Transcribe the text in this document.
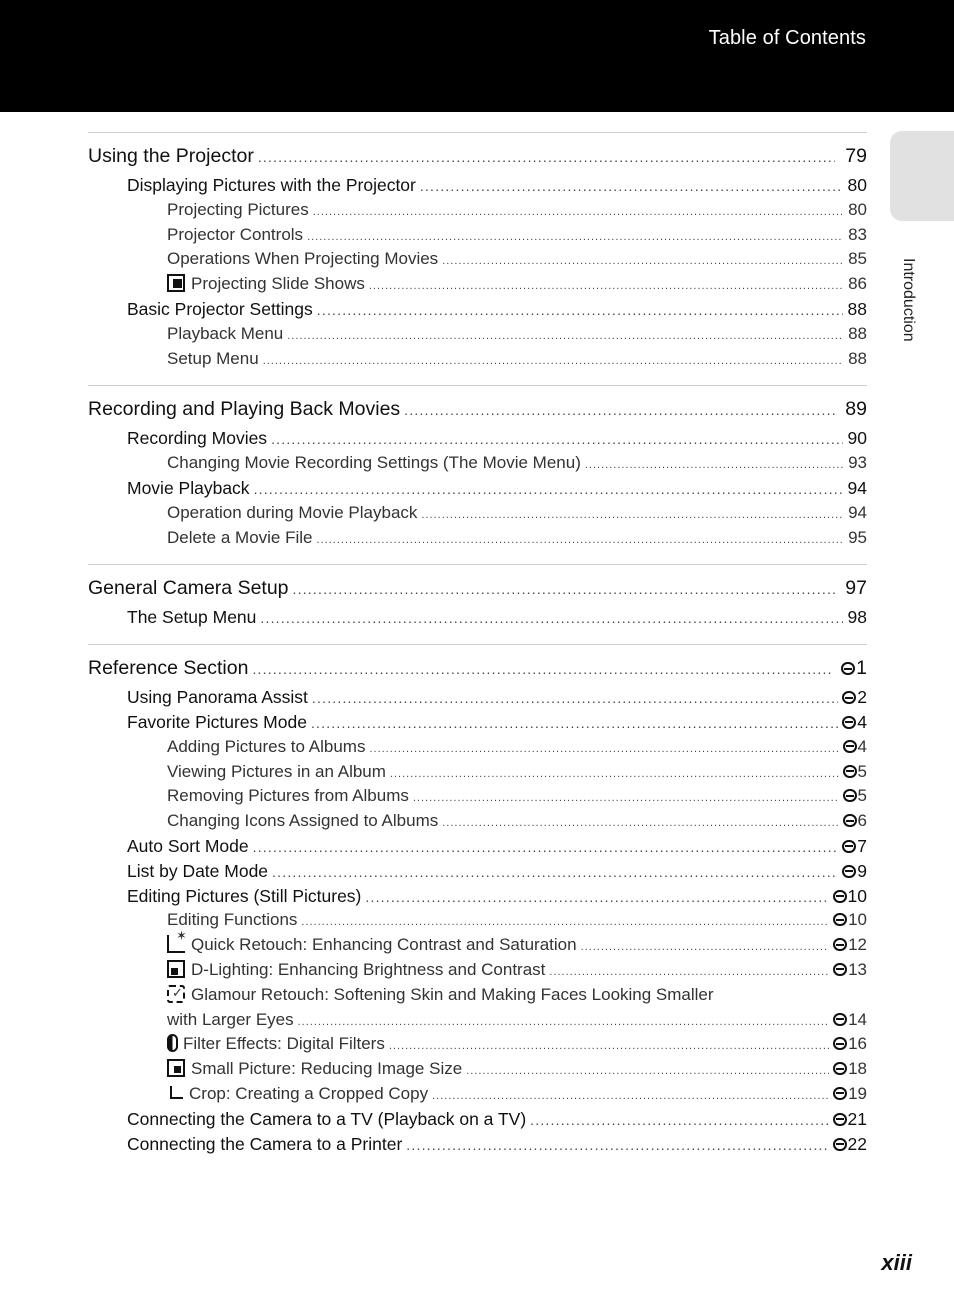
Table of Contents
Introduction
Using the Projector .....	79
Displaying Pictures with the Projector .....	80
Projecting Pictures .....	80
Projector Controls .....	83
Operations When Projecting Movies .....	85
Projecting Slide Shows .....	86
Basic Projector Settings .....	88
Playback Menu .....	88
Setup Menu .....	88
Recording and Playing Back Movies .....	89
Recording Movies .....	90
Changing Movie Recording Settings (The Movie Menu) .....	93
Movie Playback .....	94
Operation during Movie Playback .....	94
Delete a Movie File .....	95
General Camera Setup .....	97
The Setup Menu .....	98
Reference Section .....	1
Using Panorama Assist .....	2
Favorite Pictures Mode .....	4
Adding Pictures to Albums .....	4
Viewing Pictures in an Album .....	5
Removing Pictures from Albums .....	5
Changing Icons Assigned to Albums .....	6
Auto Sort Mode .....	7
List by Date Mode .....	9
Editing Pictures (Still Pictures) .....	10
Editing Functions .....	10
✶Quick Retouch: Enhancing Contrast and Saturation .....	12
D-Lighting: Enhancing Brightness and Contrast .....	13
✓Glamour Retouch: Softening Skin and Making Faces Looking Smaller
with Larger Eyes .....	14
Filter Effects: Digital Filters .....	16
Small Picture: Reducing Image Size .....	18
Crop: Creating a Cropped Copy .....	19
Connecting the Camera to a TV (Playback on a TV) .....	21
Connecting the Camera to a Printer .....	22
xiii
